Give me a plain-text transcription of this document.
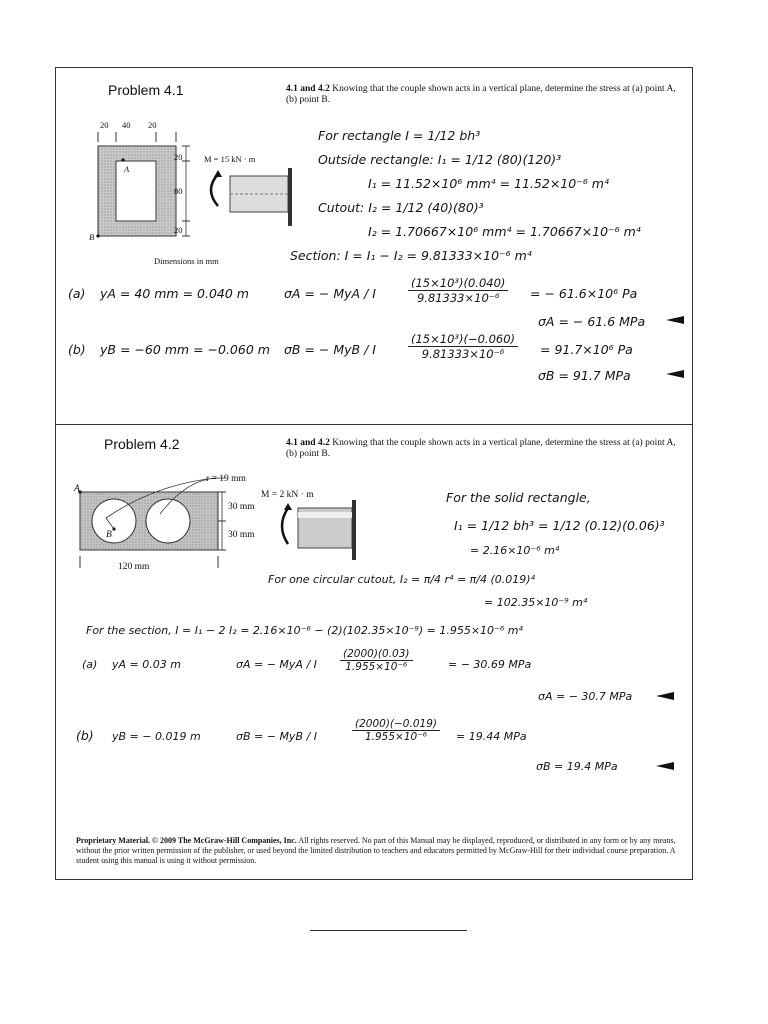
Problem 4.1	4.1 and 4.2 Knowing that the couple shown acts in a vertical plane, determine the stress at (a) point A, (b) point B.
20 40 20
20
80
20
A
B
Dimensions in mm
M = 15 kN · m
For rectangle I = 1/12 bh³
Outside rectangle: I₁ = 1/12 (80)(120)³
I₁ = 11.52×10⁶ mm⁴ = 11.52×10⁻⁶ m⁴
Cutout: I₂ = 1/12 (40)(80)³
I₂ = 1.70667×10⁶ mm⁴ = 1.70667×10⁻⁶ m⁴
Section: I = I₁ − I₂ = 9.81333×10⁻⁶ m⁴
(a) yA = 40 mm = 0.040 m	σA = − MyA / I	$\frac{\text{(15×10³)(0.040)}}{\text{9.81333×10⁻⁶}}$ = − 61.6×10⁶ Pa
σA = − 61.6 MPa
(b) yB = −60 mm = −0.060 m σB = − MyB / I	$\frac{\text{(15×10³)(−0.060)}}{\text{9.81333×10⁻⁶}} = 91.7\times 10^6$ Pa
σB = 91.7 MPa
Problem 4.2	4.1 and 4.2 Knowing that the couple shown acts in a vertical plane, determine the stress at (a) point A, (b) point B.
r = 19 mm
A
B
30 mm
30 mm
120 mm
M = 2 kN · m	For the solid rectangle,
I₁ = 1/12 bh³ = 1/12 (0.12)(0.06)³
= 2.16×10⁻⁶ m⁴
For one circular cutout, I₂ = π/4 r⁴ = π/4 (0.019)⁴
= 102.35×10⁻⁹ m⁴
For the section, I = I₁ − 2 I₂ = 2.16×10⁻⁶ − (2)(102.35×10⁻⁹) = 1.955×10⁻⁶ m⁴
(a) yA = 0.03 m	σA = − MyA / I $\frac{(2000)(0.03)}{\text{1.955×10⁻⁶}}$	= − 30.69 MPa
σA = − 30.7 MPa
(b) yB = − 0.019 m	σB = − MyB / I	$\frac{(2000)(-0.019)}{\text{1.955×10⁻⁶}} = 19.44$ MPa
σB = 19.4 MPa
Proprietary Material. © 2009 The McGraw-Hill Companies, Inc. All rights reserved. No part of this Manual may be displayed, reproduced, or distributed in any form or by any means, without the prior written permission of the publisher, or used beyond the limited distribution to teachers and educators permitted by McGraw-Hill for their individual course preparation. A student using this manual is using it without permission.
